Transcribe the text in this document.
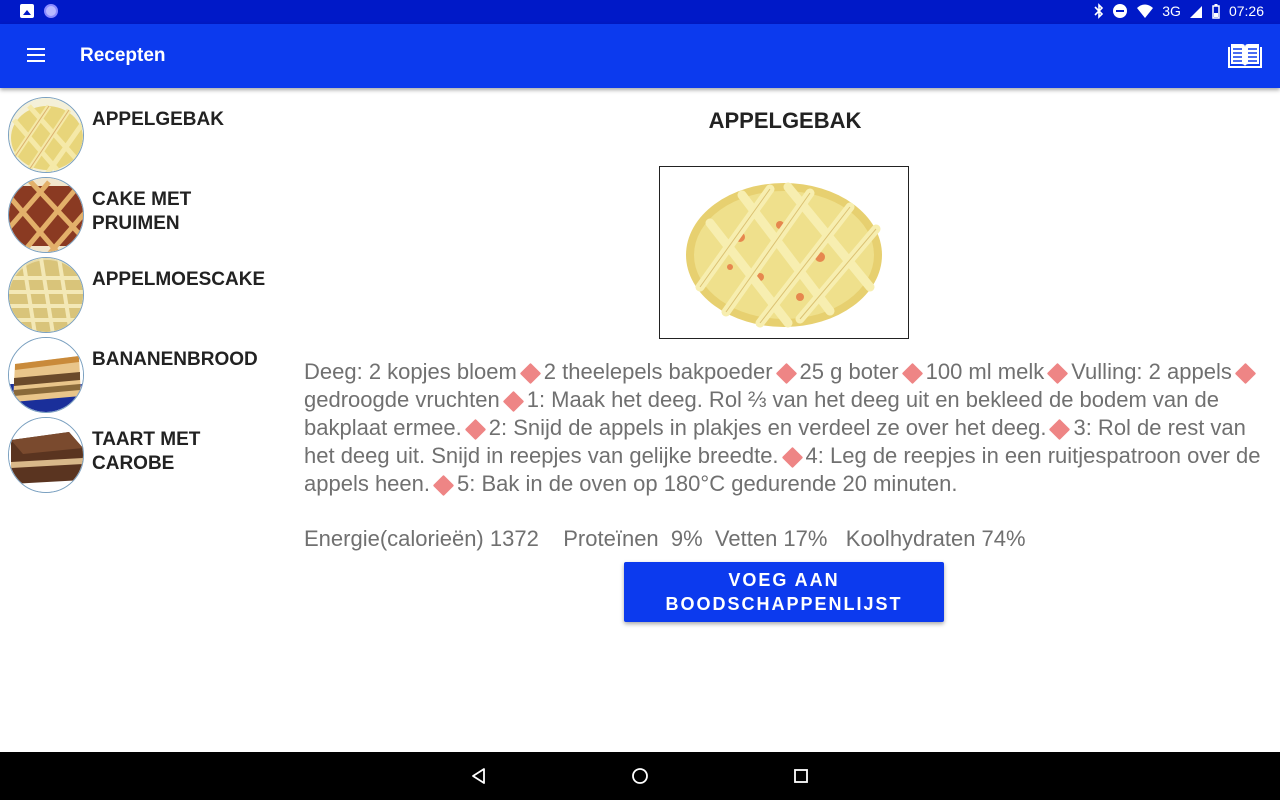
3G	07:26
Recepten
APPELGEBAK
CAKE MET PRUIMEN
APPELMOESCAKE
BANANENBROOD
TAART MET CAROBE
APPELGEBAK
Deeg: 2 kopjes bloem 2 theelepels bakpoeder 25 g boter 100 ml melk Vulling: 2 appelsgedroogde vruchten 1: Maak het deeg. Rol ⅔ van het deeg uit en bekleed de bodem van de bakplaat ermee. 2: Snijd de appels in plakjes en verdeel ze over het deeg. 3: Rol de rest van het deeg uit. Snijd in reepjes van gelijke breedte. 4: Leg de reepjes in een ruitjespatroon over de appels heen. 5: Bak in de oven op 180°C gedurende 20 minuten.
Energie(calorieën) 1372    Proteïnen  9%  Vetten 17%   Koolhydraten 74%
VOEG AAN
BOODSCHAPPENLIJST
